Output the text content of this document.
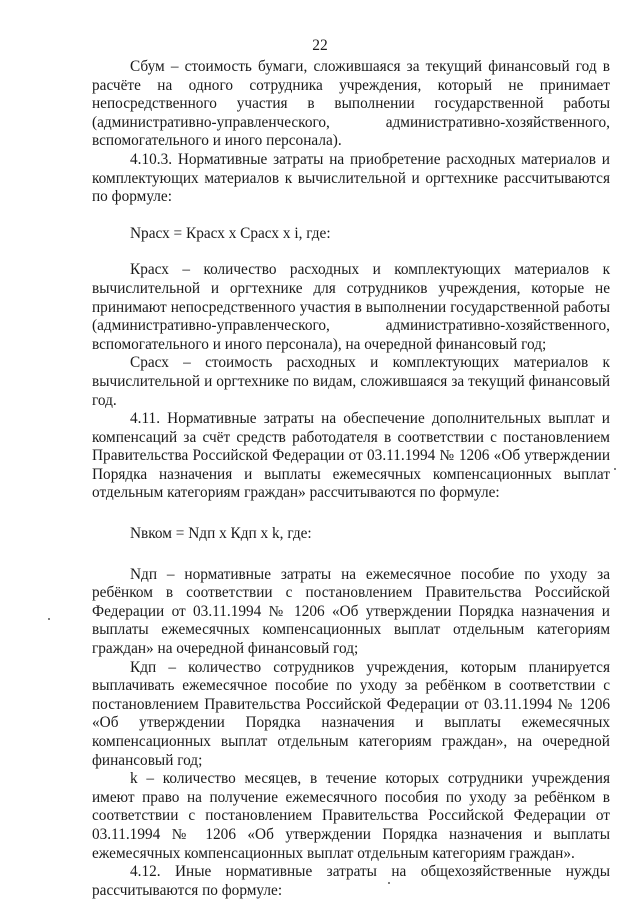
22

Сбум – стоимость бумаги, сложившаяся за текущий финансовый год в расчёте на одного сотрудника учреждения, который не принимает непосредственного участия в выполнении государственной работы (административно-управленческого, административно-хозяйственного, вспомогательного и иного персонала).

4.10.3. Нормативные затраты на приобретение расходных материалов и комплектующих материалов к вычислительной и оргтехнике рассчитываются по формуле:

Nрасх = Красх x Срасх x i, где:

Красх – количество расходных и комплектующих материалов к вычислительной и оргтехнике для сотрудников учреждения, которые не принимают непосредственного участия в выполнении государственной работы (административно-управленческого, административно-хозяйственного, вспомогательного и иного персонала), на очередной финансовый год;

Срасх – стоимость расходных и комплектующих материалов к вычислительной и оргтехнике по видам, сложившаяся за текущий финансовый год.

4.11. Нормативные затраты на обеспечение дополнительных выплат и компенсаций за счёт средств работодателя в соответствии с постановлением Правительства Российской Федерации от 03.11.1994 № 1206 «Об утверждении Порядка назначения и выплаты ежемесячных компенсационных выплат отдельным категориям граждан» рассчитываются по формуле:

Nвком = Nдп x Кдп x k, где:

Nдп – нормативные затраты на ежемесячное пособие по уходу за ребёнком в соответствии с постановлением Правительства Российской Федерации от 03.11.1994 № 1206 «Об утверждении Порядка назначения и выплаты ежемесячных компенсационных выплат отдельным категориям граждан» на очередной финансовый год;

Кдп – количество сотрудников учреждения, которым планируется выплачивать ежемесячное пособие по уходу за ребёнком в соответствии с постановлением Правительства Российской Федерации от 03.11.1994 № 1206 «Об утверждении Порядка назначения и выплаты ежемесячных компенсационных выплат отдельным категориям граждан», на очередной финансовый год;

k – количество месяцев, в течение которых сотрудники учреждения имеют право на получение ежемесячного пособия по уходу за ребёнком в соответствии с постановлением Правительства Российской Федерации от 03.11.1994 № 1206 «Об утверждении Порядка назначения и выплаты ежемесячных компенсационных выплат отдельным категориям граждан».

4.12. Иные нормативные затраты на общехозяйственные нужды рассчитываются по формуле:
